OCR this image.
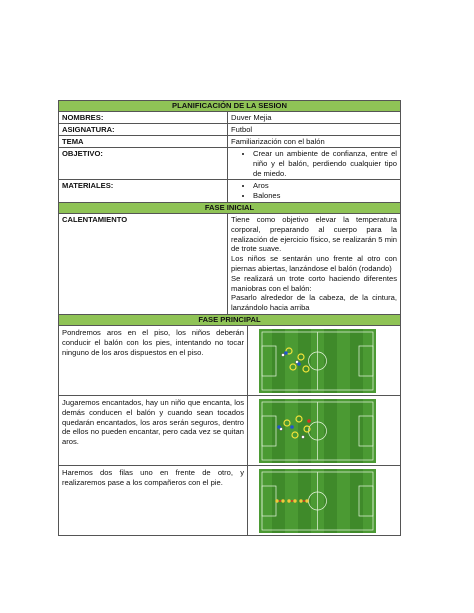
PLANIFICACIÓN DE LA SESION
NOMBRES:	Duver Mejia
ASIGNATURA:	Futbol
TEMA	Familiarización con el balón
OBJETIVO:	• Crear un ambiente de confianza, entre el niño y el balón, perdiendo cualquier tipo de miedo.
MATERIALES:	• Aros
• Balones
FASE INICIAL
CALENTAMIENTO	Tiene como objetivo elevar la temperatura corporal, preparando al cuerpo para la realización de ejercicio físico, se realizarán 5 min de trote suave.

Los niños se sentarán uno frente al otro con piernas abiertas, lanzándose el balón (rodando)

Se realizará un trote corto haciendo diferentes maniobras con el balón:

Pasarlo alrededor de la cabeza, de la cintura, lanzándolo hacia arriba

FASE PRINCIPAL
Pondremos aros en el piso, los niños deberán conducir el balón con los pies, intentando no tocar ninguno de los aros dispuestos en el piso.
Jugaremos encantados, hay un niño que encanta, los demás conducen el balón y cuando sean tocados quedarán encantados, los aros serán seguros, dentro de ellos no pueden encantar, pero cada vez se quitan aros.
Haremos dos filas uno en frente de otro, y realizaremos pase a los compañeros con el pie.
